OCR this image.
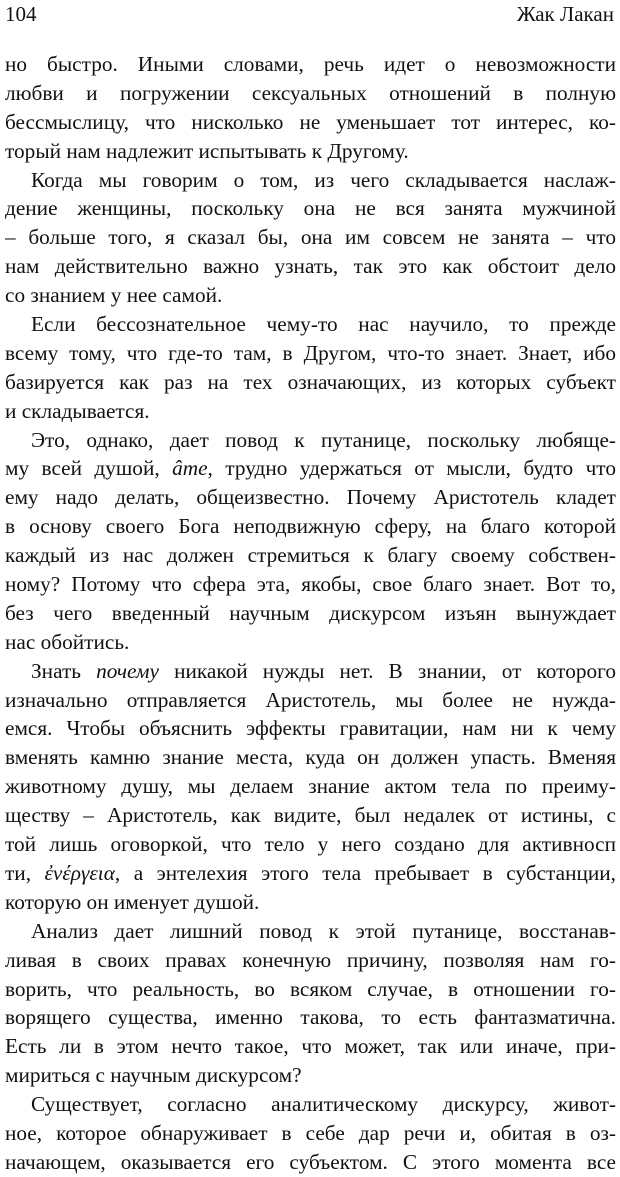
104	Жак Лакан
но быстро. Иными словами, речь идет о невозможности
любви и погружении сексуальных отношений в полную
бессмыслицу, что нисколько не уменьшает тот интерес, ко-
торый нам надлежит испытывать к Другому.
Когда мы говорим о том, из чего складывается наслаж-
дение женщины, поскольку она не вся занята мужчиной
– больше того, я сказал бы, она им совсем не занята – что
нам действительно важно узнать, так это как обстоит дело
со знанием у нее самой.
Если бессознательное чему-то нас научило, то прежде
всему тому, что где-то там, в Другом, что-то знает. Знает, ибо
базируется как раз на тех означающих, из которых субъект
и складывается.
Это, однако, дает повод к путанице, поскольку любяще-
му всей душой, âme, трудно удержаться от мысли, будто что
ему надо делать, общеизвестно. Почему Аристотель кладет
в основу своего Бога неподвижную сферу, на благо которой
каждый из нас должен стремиться к благу своему собствен-
ному? Потому что сфера эта, якобы, свое благо знает. Вот то,
без чего введенный научным дискурсом изъян вынуждает
нас обойтись.
Знать почему никакой нужды нет. В знании, от которого
изначально отправляется Аристотель, мы более не нужда-
емся. Чтобы объяснить эффекты гравитации, нам ни к чему
вменять камню знание места, куда он должен упасть. Вменяя
животному душу, мы делаем знание актом тела по преиму-
ществу – Аристотель, как видите, был недалек от истины, с
той лишь оговоркой, что тело у него создано для активносп
ти, ἐνέργεια, а энтелехия этого тела пребывает в субстанции,
которую он именует душой.
Анализ дает лишний повод к этой путанице, восстанав-
ливая в своих правах конечную причину, позволяя нам го-
ворить, что реальность, во всяком случае, в отношении го-
ворящего существа, именно такова, то есть фантазматична.
Есть ли в этом нечто такое, что может, так или иначе, при-
мириться с научным дискурсом?
Существует, согласно аналитическому дискурсу, живот-
ное, которое обнаруживает в себе дар речи и, обитая в оз-
начающем, оказывается его субъектом. С этого момента все
